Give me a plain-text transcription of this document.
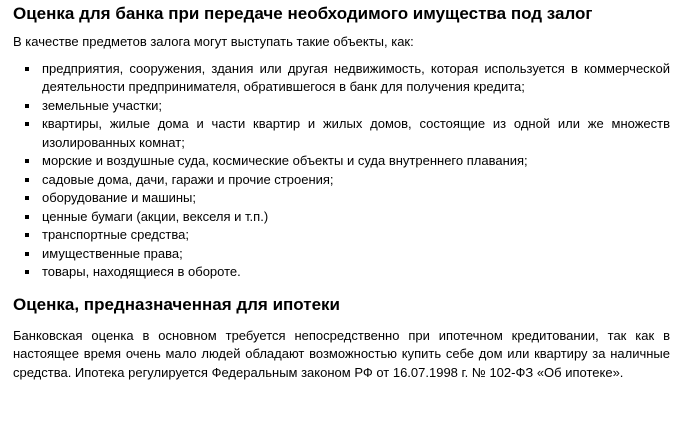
Оценка для банка при передаче необходимого имущества под залог

В качестве предметов залога могут выступать такие объекты, как:

▪ предприятия, сооружения, здания или другая недвижимость, которая используется в коммерческой деятельности предпринимателя, обратившегося в банк для получения кредита;
▪ земельные участки;
▪ квартиры, жилые дома и части квартир и жилых домов, состоящие из одной или же множеств изолированных комнат;
▪ морские и воздушные суда, космические объекты и суда внутреннего плавания;
▪ садовые дома, дачи, гаражи и прочие строения;
▪ оборудование и машины;
▪ ценные бумаги (акции, векселя и т.п.)
▪ транспортные средства;
▪ имущественные права;
▪ товары, находящиеся в обороте.
Оценка, предназначенная для ипотеки

Банковская оценка в основном требуется непосредственно при ипотечном кредитовании, так как в настоящее время очень мало людей обладают возможностью купить себе дом или квартиру за наличные средства. Ипотека регулируется Федеральным законом РФ от 16.07.1998 г. № 102-ФЗ «Об ипотеке».
